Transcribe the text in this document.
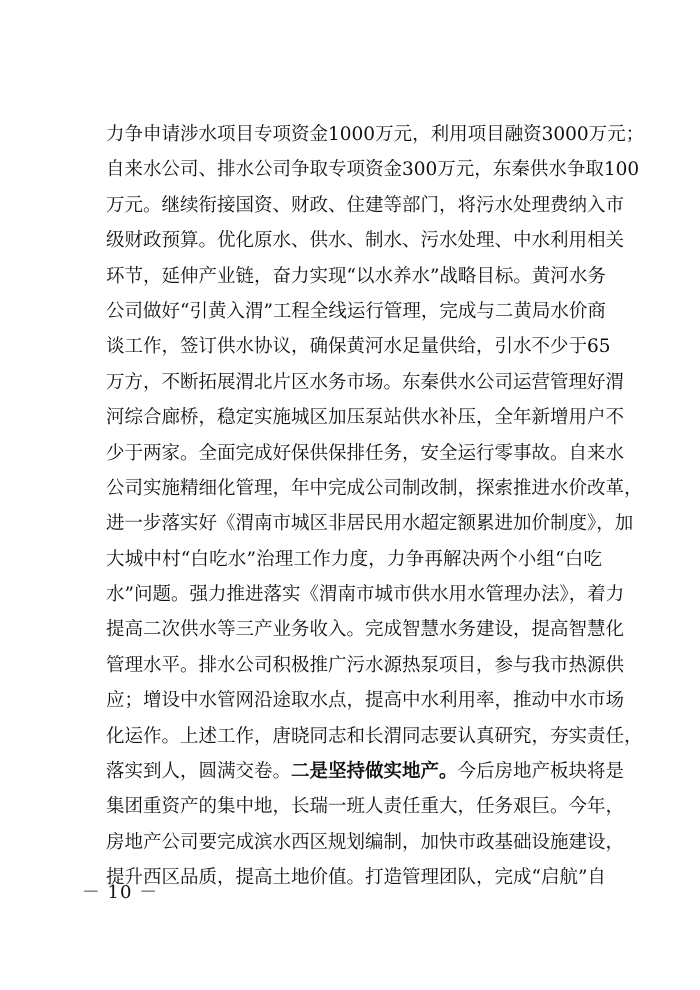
力争申请涉水项目专项资金1000万元，利用项目融资3000万元；
自来水公司、排水公司争取专项资金300万元，东秦供水争取100
万元。继续衔接国资、财政、住建等部门，将污水处理费纳入市
级财政预算。优化原水、供水、制水、污水处理、中水利用相关
环节，延伸产业链，奋力实现“以水养水”战略目标。黄河水务
公司做好“引黄入渭”工程全线运行管理，完成与二黄局水价商
谈工作，签订供水协议，确保黄河水足量供给，引水不少于65
万方，不断拓展渭北片区水务市场。东秦供水公司运营管理好渭
河综合廊桥，稳定实施城区加压泵站供水补压，全年新增用户不
少于两家。全面完成好保供保排任务，安全运行零事故。自来水
公司实施精细化管理，年中完成公司制改制，探索推进水价改革，
进一步落实好《渭南市城区非居民用水超定额累进加价制度》，加
大城中村“白吃水”治理工作力度，力争再解决两个小组“白吃
水”问题。强力推进落实《渭南市城市供水用水管理办法》，着力
提高二次供水等三产业务收入。完成智慧水务建设，提高智慧化
管理水平。排水公司积极推广污水源热泵项目，参与我市热源供
应；增设中水管网沿途取水点，提高中水利用率，推动中水市场
化运作。上述工作，唐晓同志和长渭同志要认真研究，夯实责任，
落实到人，圆满交卷。二是坚持做实地产。今后房地产板块将是
集团重资产的集中地，长瑞一班人责任重大，任务艰巨。今年，
房地产公司要完成滨水西区规划编制，加快市政基础设施建设，
提升西区品质，提高土地价值。打造管理团队，完成“启航”自
－ 10 －
